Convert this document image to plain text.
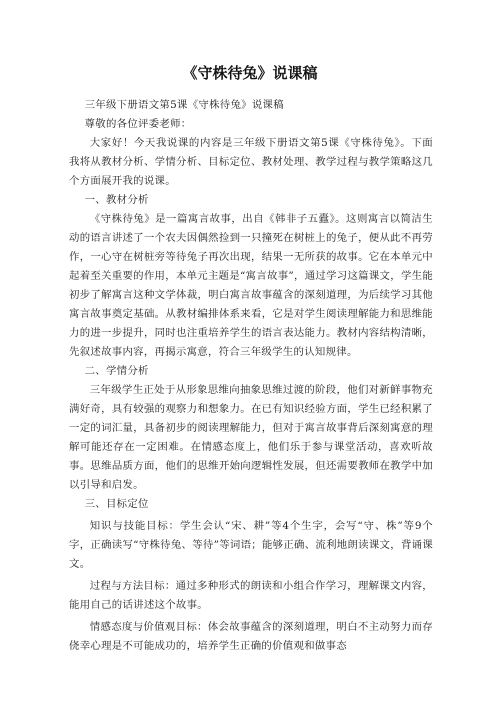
《守株待兔》说课稿

三年级下册语文第5课《守株待兔》说课稿

尊敬的各位评委老师：

大家好！今天我说课的内容是三年级下册语文第5课《守株待兔》。下面我将从教材分析、学情分析、目标定位、教材处理、教学过程与教学策略这几个方面展开我的说课。

一、教材分析

《守株待兔》是一篇寓言故事，出自《韩非子五蠹》。这则寓言以简洁生动的语言讲述了一个农夫因偶然捡到一只撞死在树桩上的兔子，便从此不再劳作，一心守在树桩旁等待兔子再次出现，结果一无所获的故事。它在本单元中起着至关重要的作用，本单元主题是“寓言故事”，通过学习这篇课文，学生能初步了解寓言这种文学体裁，明白寓言故事蕴含的深刻道理，为后续学习其他寓言故事奠定基础。从教材编排体系来看，它是对学生阅读理解能力和思维能力的进一步提升，同时也注重培养学生的语言表达能力。教材内容结构清晰，先叙述故事内容，再揭示寓意，符合三年级学生的认知规律。

二、学情分析

三年级学生正处于从形象思维向抽象思维过渡的阶段，他们对新鲜事物充满好奇，具有较强的观察力和想象力。在已有知识经验方面，学生已经积累了一定的词汇量，具备初步的阅读理解能力，但对于寓言故事背后深刻寓意的理解可能还存在一定困难。在情感态度上，他们乐于参与课堂活动，喜欢听故事。思维品质方面，他们的思维开始向逻辑性发展，但还需要教师在教学中加以引导和启发。

三、目标定位

知识与技能目标：学生会认“宋、耕”等4个生字，会写“守、株”等9个字，正确读写“守株待兔、等待”等词语；能够正确、流利地朗读课文，背诵课文。

过程与方法目标：通过多种形式的朗读和小组合作学习，理解课文内容，能用自己的话讲述这个故事。

情感态度与价值观目标：体会故事蕴含的深刻道理，明白不主动努力而存侥幸心理是不可能成功的，培养学生正确的价值观和做事态
